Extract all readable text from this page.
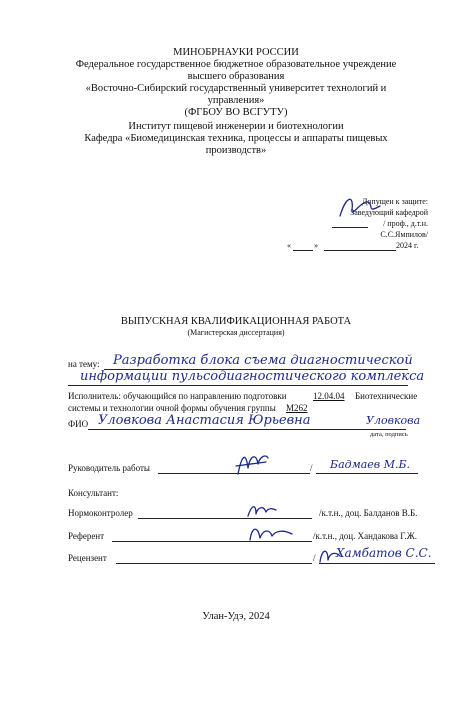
МИНОБРНАУКИ РОССИИ
Федеральное государственное бюджетное образовательное учреждение
высшего образования
«Восточно-Сибирский государственный университет технологий и
управления»
(ФГБОУ ВО ВСГУТУ)
Институт пищевой инженерии и биотехнологии
Кафедра «Биомедицинская техника, процессы и аппараты пищевых
производств»
Допущен к защите:
Заведующий кафедрой
/ проф., д.т.н.
С.С.Ямпилов/
«	»	2024 г.
ВЫПУСКНАЯ КВАЛИФИКАЦИОННАЯ РАБОТА
(Магистерская диссертация)
на тему: Разработка блока съема диагностической
информации пульсодиагностического комплекса
Исполнитель: обучающийся по направлению подготовки	12.04.04 Биотехнические
системы и технологии очной формы обучения группы М262
ФИО Уловкова Анастасия Юрьевна	Уловкова
дата, подпись
Руководитель работы	/ Бадмаев М.Б.
Консультант:
Нормоконтролер	/к.т.н., доц. Балданов В.Б.
Референт	/к.т.н., доц. Хандакова Г.Ж.
Рецензент	/ Хамбатов С.С.
Улан-Удэ, 2024
